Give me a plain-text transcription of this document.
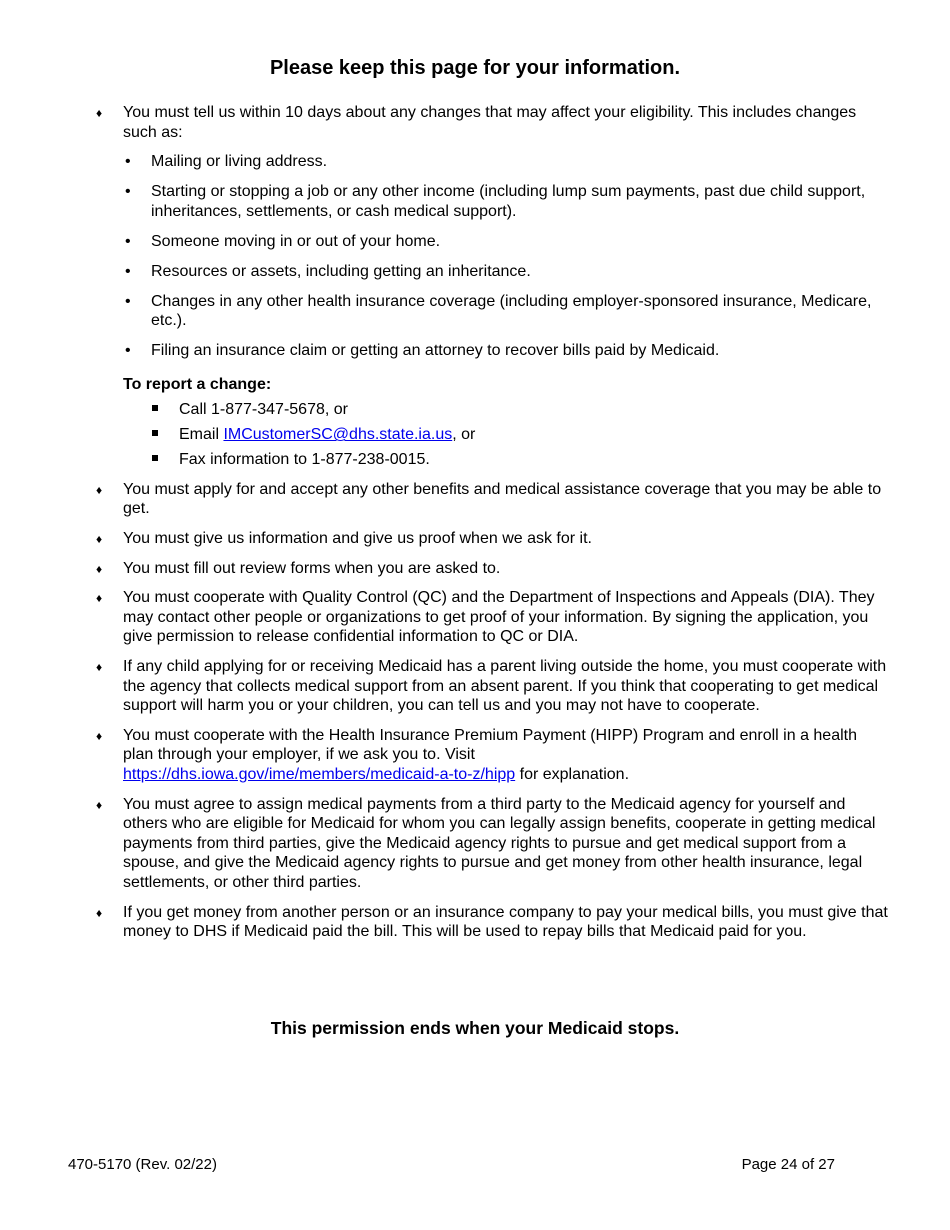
Please keep this page for your information.
♦ You must tell us within 10 days about any changes that may affect your eligibility. This includes changes such as:
• Mailing or living address.
• Starting or stopping a job or any other income (including lump sum payments, past due child support, inheritances, settlements, or cash medical support).
• Someone moving in or out of your home.
• Resources or assets, including getting an inheritance.
• Changes in any other health insurance coverage (including employer-sponsored insurance, Medicare, etc.).
• Filing an insurance claim or getting an attorney to recover bills paid by Medicaid.
To report a change:
Call 1-877-347-5678, or
Email IMCustomerSC@dhs.state.ia.us, or
Fax information to 1-877-238-0015.
♦ You must apply for and accept any other benefits and medical assistance coverage that you may be able to get.
♦ You must give us information and give us proof when we ask for it.
♦ You must fill out review forms when you are asked to.
♦ You must cooperate with Quality Control (QC) and the Department of Inspections and Appeals (DIA). They may contact other people or organizations to get proof of your information. By signing the application, you give permission to release confidential information to QC or DIA.
♦ If any child applying for or receiving Medicaid has a parent living outside the home, you must cooperate with the agency that collects medical support from an absent parent. If you think that cooperating to get medical support will harm you or your children, you can tell us and you may not have to cooperate.
♦ You must cooperate with the Health Insurance Premium Payment (HIPP) Program and enroll in a health plan through your employer, if we ask you to. Visit
https://dhs.iowa.gov/ime/members/medicaid-a-to-z/hipp for explanation.
♦ You must agree to assign medical payments from a third party to the Medicaid agency for yourself and others who are eligible for Medicaid for whom you can legally assign benefits, cooperate in getting medical payments from third parties, give the Medicaid agency rights to pursue and get medical support from a spouse, and give the Medicaid agency rights to pursue and get money from other health insurance, legal settlements, or other third parties.
♦ If you get money from another person or an insurance company to pay your medical bills, you must give that money to DHS if Medicaid paid the bill. This will be used to repay bills that Medicaid paid for you.
This permission ends when your Medicaid stops.
470-5170 (Rev. 02/22)	Page 24 of 27
